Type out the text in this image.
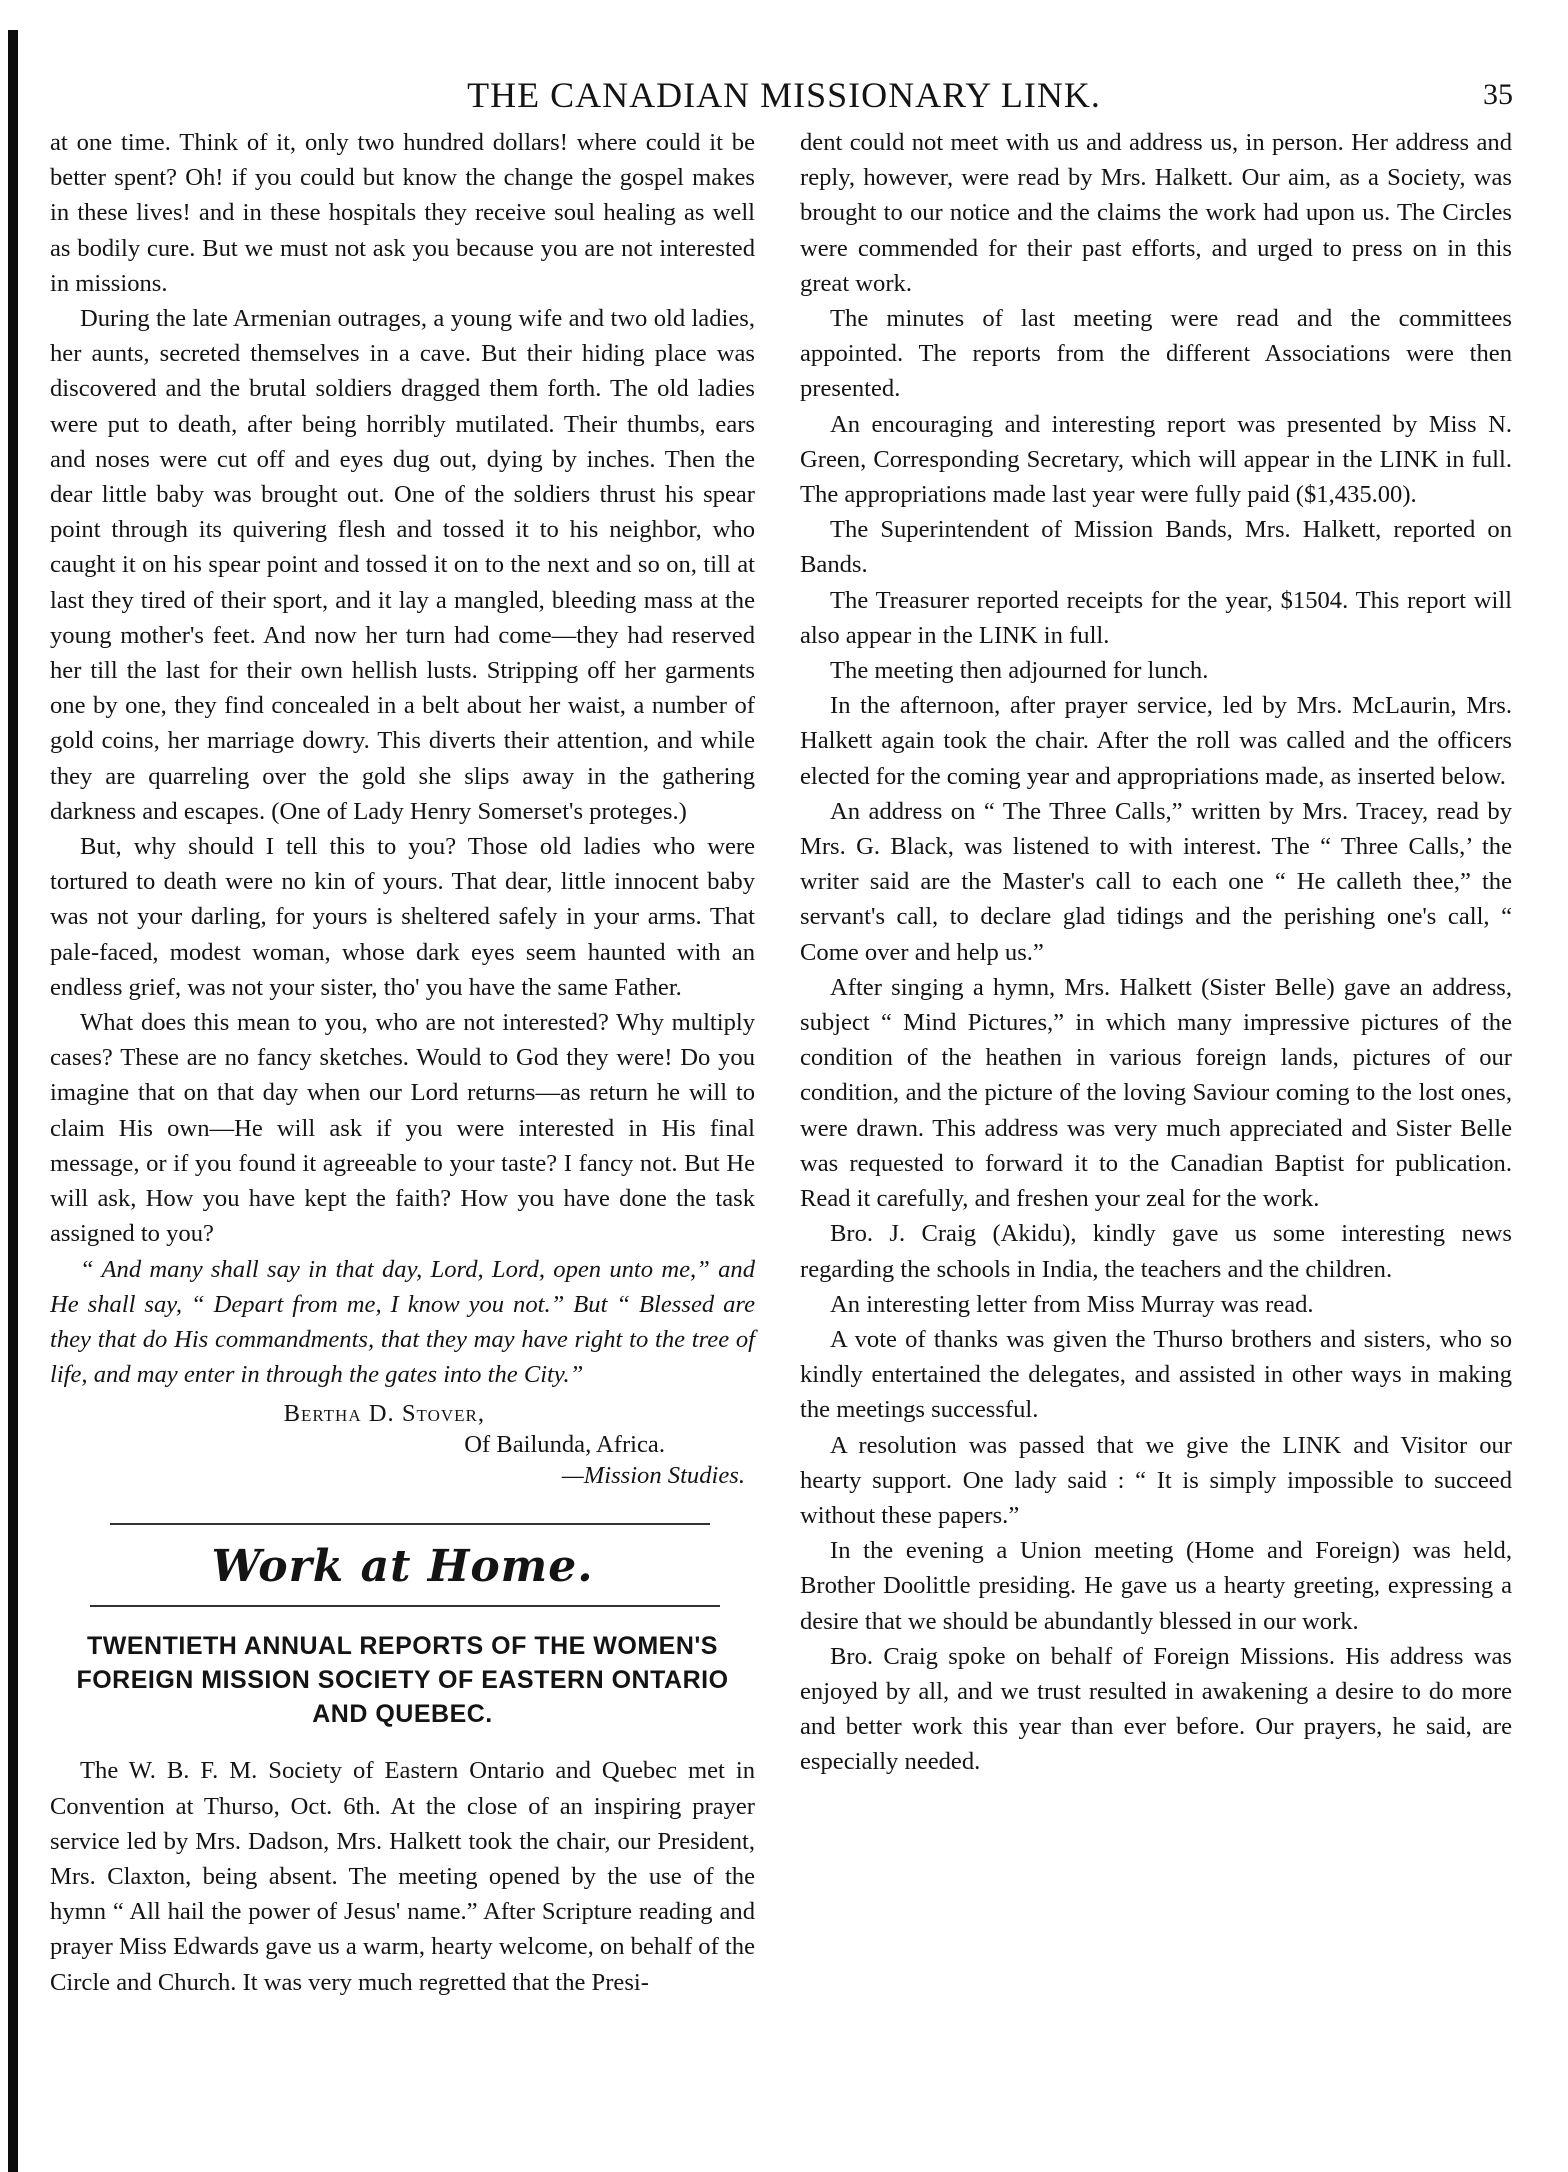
THE CANADIAN MISSIONARY LINK.	35

at one time. Think of it, only two hundred dollars! where could it be better spent? Oh! if you could but know the change the gospel makes in these lives! and in these hospitals they receive soul healing as well as bodily cure. But we must not ask you because you are not interested in missions.

During the late Armenian outrages, a young wife and two old ladies, her aunts, secreted themselves in a cave. But their hiding place was discovered and the brutal soldiers dragged them forth. The old ladies were put to death, after being horribly mutilated. Their thumbs, ears and noses were cut off and eyes dug out, dying by inches. Then the dear little baby was brought out. One of the soldiers thrust his spear point through its quivering flesh and tossed it to his neighbor, who caught it on his spear point and tossed it on to the next and so on, till at last they tired of their sport, and it lay a mangled, bleeding mass at the young mother's feet. And now her turn had come—they had reserved her till the last for their own hellish lusts. Stripping off her garments one by one, they find concealed in a belt about her waist, a number of gold coins, her marriage dowry. This diverts their attention, and while they are quarreling over the gold she slips away in the gathering darkness and escapes. (One of Lady Henry Somerset's proteges.)

But, why should I tell this to you? Those old ladies who were tortured to death were no kin of yours. That dear, little innocent baby was not your darling, for yours is sheltered safely in your arms. That pale-faced, modest woman, whose dark eyes seem haunted with an endless grief, was not your sister, tho' you have the same Father.

What does this mean to you, who are not interested? Why multiply cases? These are no fancy sketches. Would to God they were! Do you imagine that on that day when our Lord returns—as return he will to claim His own—He will ask if you were interested in His final message, or if you found it agreeable to your taste? I fancy not. But He will ask, How you have kept the faith? How you have done the task assigned to you?

“ And many shall say in that day, Lord, Lord, open unto me,” and He shall say, “ Depart from me, I know you not.” But “ Blessed are they that do His commandments, that they may have right to the tree of life, and may enter in through the gates into the City.”

Bertha D. Stover,
Of Bailunda, Africa.
—Mission Studies.
Work at Home.
TWENTIETH ANNUAL REPORTS OF THE WOMEN'S FOREIGN MISSION SOCIETY OF EASTERN ONTARIO AND QUEBEC.

The W. B. F. M. Society of Eastern Ontario and Quebec met in Convention at Thurso, Oct. 6th. At the close of an inspiring prayer service led by Mrs. Dadson, Mrs. Halkett took the chair, our President, Mrs. Claxton, being absent. The meeting opened by the use of the hymn “ All hail the power of Jesus' name.” After Scripture reading and prayer Miss Edwards gave us a warm, hearty welcome, on behalf of the Circle and Church. It was very much regretted that the Presi-

dent could not meet with us and address us, in person. Her address and reply, however, were read by Mrs. Halkett. Our aim, as a Society, was brought to our notice and the claims the work had upon us. The Circles were commended for their past efforts, and urged to press on in this great work.

The minutes of last meeting were read and the committees appointed. The reports from the different Associations were then presented.

An encouraging and interesting report was presented by Miss N. Green, Corresponding Secretary, which will appear in the LINK in full. The appropriations made last year were fully paid ($1,435.00).

The Superintendent of Mission Bands, Mrs. Halkett, reported on Bands.

The Treasurer reported receipts for the year, $1504. This report will also appear in the LINK in full.

The meeting then adjourned for lunch.

In the afternoon, after prayer service, led by Mrs. McLaurin, Mrs. Halkett again took the chair. After the roll was called and the officers elected for the coming year and appropriations made, as inserted below.

An address on “ The Three Calls,” written by Mrs. Tracey, read by Mrs. G. Black, was listened to with interest. The “ Three Calls,’ the writer said are the Master's call to each one “ He calleth thee,” the servant's call, to declare glad tidings and the perishing one's call, “ Come over and help us.”

After singing a hymn, Mrs. Halkett (Sister Belle) gave an address, subject “ Mind Pictures,” in which many impressive pictures of the condition of the heathen in various foreign lands, pictures of our condition, and the picture of the loving Saviour coming to the lost ones, were drawn. This address was very much appreciated and Sister Belle was requested to forward it to the Canadian Baptist for publication. Read it carefully, and freshen your zeal for the work.

Bro. J. Craig (Akidu), kindly gave us some interesting news regarding the schools in India, the teachers and the children.

An interesting letter from Miss Murray was read.

A vote of thanks was given the Thurso brothers and sisters, who so kindly entertained the delegates, and assisted in other ways in making the meetings successful.

A resolution was passed that we give the LINK and Visitor our hearty support. One lady said : “ It is simply impossible to succeed without these papers.”

In the evening a Union meeting (Home and Foreign) was held, Brother Doolittle presiding. He gave us a hearty greeting, expressing a desire that we should be abundantly blessed in our work.

Bro. Craig spoke on behalf of Foreign Missions. His address was enjoyed by all, and we trust resulted in awakening a desire to do more and better work this year than ever before. Our prayers, he said, are especially needed.
